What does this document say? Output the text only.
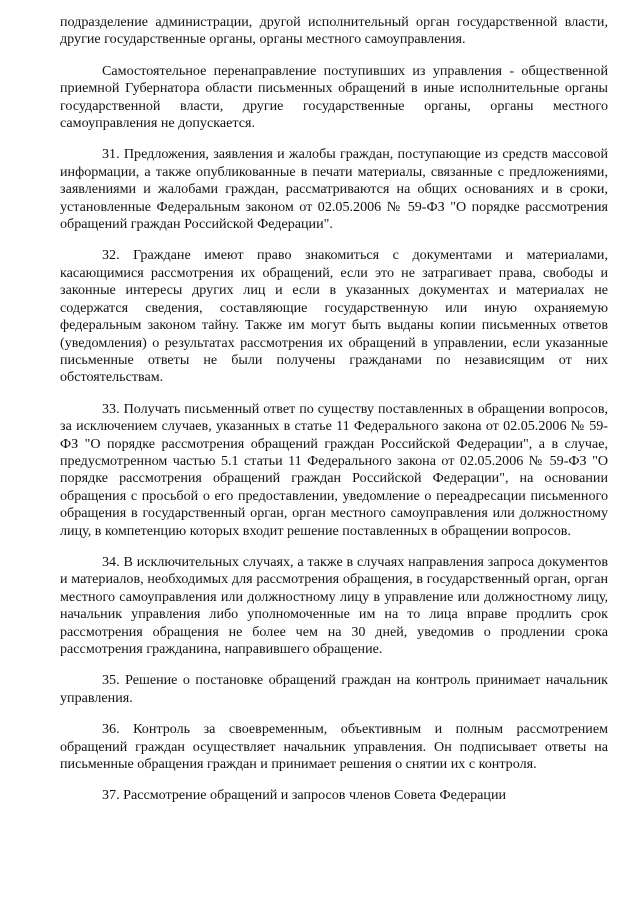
подразделение администрации, другой исполнительный орган государственной власти, другие государственные органы, органы местного самоуправления.

Самостоятельное перенаправление поступивших из управления - общественной приемной Губернатора области письменных обращений в иные исполнительные органы государственной власти, другие государственные органы, органы местного самоуправления не допускается.

31. Предложения, заявления и жалобы граждан, поступающие из средств массовой информации, а также опубликованные в печати материалы, связанные с предложениями, заявлениями и жалобами граждан, рассматриваются на общих основаниях и в сроки, установленные Федеральным законом от 02.05.2006 № 59-ФЗ "О порядке рассмотрения обращений граждан Российской Федерации".

32. Граждане имеют право знакомиться с документами и материалами, касающимися рассмотрения их обращений, если это не затрагивает права, свободы и законные интересы других лиц и если в указанных документах и материалах не содержатся сведения, составляющие государственную или иную охраняемую федеральным законом тайну. Также им могут быть выданы копии письменных ответов (уведомления) о результатах рассмотрения их обращений в управлении, если указанные письменные ответы не были получены гражданами по независящим от них обстоятельствам.

33. Получать письменный ответ по существу поставленных в обращении вопросов, за исключением случаев, указанных в статье 11 Федерального закона от 02.05.2006 № 59-ФЗ "О порядке рассмотрения обращений граждан Российской Федерации", а в случае, предусмотренном частью 5.1 статьи 11 Федерального закона от 02.05.2006 № 59-ФЗ "О порядке рассмотрения обращений граждан Российской Федерации", на основании обращения с просьбой о его предоставлении, уведомление о переадресации письменного обращения в государственный орган, орган местного самоуправления или должностному лицу, в компетенцию которых входит решение поставленных в обращении вопросов.

34. В исключительных случаях, а также в случаях направления запроса документов и материалов, необходимых для рассмотрения обращения, в государственный орган, орган местного самоуправления или должностному лицу в управление или должностному лицу, начальник управления либо уполномоченные им на то лица вправе продлить срок рассмотрения обращения не более чем на 30 дней, уведомив о продлении срока рассмотрения гражданина, направившего обращение.

35. Решение о постановке обращений граждан на контроль принимает начальник управления.

36. Контроль за своевременным, объективным и полным рассмотрением обращений граждан осуществляет начальник управления. Он подписывает ответы на письменные обращения граждан и принимает решения о снятии их с контроля.

37. Рассмотрение обращений и запросов членов Совета Федерации
